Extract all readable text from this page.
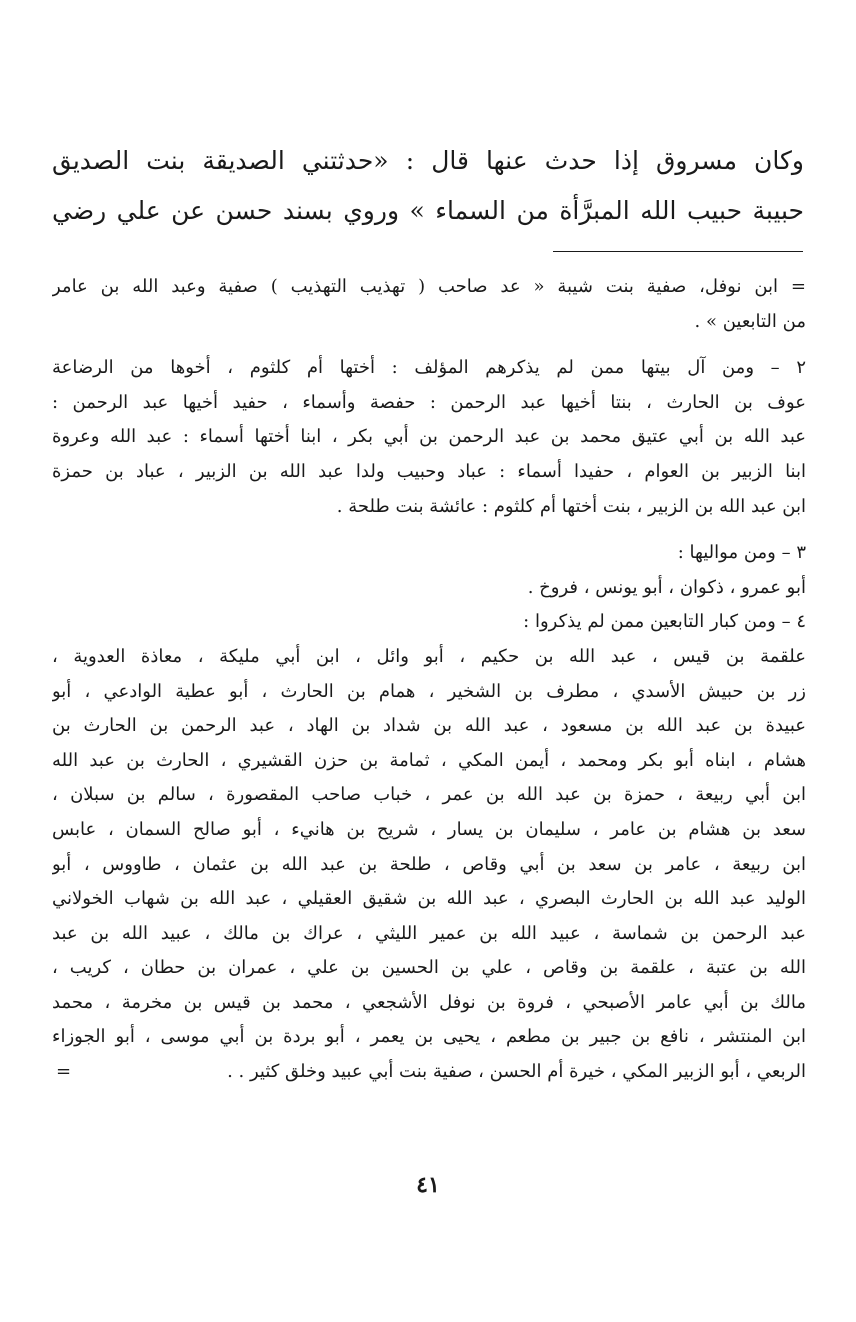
وكان مسروق إذا حدث عنها قال : «حدثتني الصديقة بنت الصديق
حبيبة حبيب الله المبرَّأة من السماء » وروي بسند حسن عن علي رضي
= ابن نوفل، صفية بنت شيبة « عد صاحب ( تهذيب التهذيب ) صفية وعبد الله بن عامر
من التابعين » .
٢ – ومن آل بيتها ممن لم يذكرهم المؤلف : أختها أم كلثوم ، أخوها من الرضاعة
عوف بن الحارث ، بنتا أخيها عبد الرحمن : حفصة وأسماء ، حفيد أخيها عبد الرحمن :
عبد الله بن أبي عتيق محمد بن عبد الرحمن بن أبي بكر ، ابنا أختها أسماء : عبد الله وعروة
ابنا الزبير بن العوام ، حفيدا أسماء : عباد وحبيب ولدا عبد الله بن الزبير ، عباد بن حمزة
ابن عبد الله بن الزبير ، بنت أختها أم كلثوم : عائشة بنت طلحة .
٣ – ومن مواليها :
أبو عمرو ، ذكوان ، أبو يونس ، فروخ .
٤ – ومن كبار التابعين ممن لم يذكروا :
علقمة بن قيس ، عبد الله بن حكيم ، أبو وائل ، ابن أبي مليكة ، معاذة العدوية ،
زر بن حبيش الأسدي ، مطرف بن الشخير ، همام بن الحارث ، أبو عطية الوادعي ، أبو
عبيدة بن عبد الله بن مسعود ، عبد الله بن شداد بن الهاد ، عبد الرحمن بن الحارث بن
هشام ، ابناه أبو بكر ومحمد ، أيمن المكي ، ثمامة بن حزن القشيري ، الحارث بن عبد الله
ابن أبي ربيعة ، حمزة بن عبد الله بن عمر ، خباب صاحب المقصورة ، سالم بن سبلان ،
سعد بن هشام بن عامر ، سليمان بن يسار ، شريح بن هانيء ، أبو صالح السمان ، عابس
ابن ربيعة ، عامر بن سعد بن أبي وقاص ، طلحة بن عبد الله بن عثمان ، طاووس ، أبو
الوليد عبد الله بن الحارث البصري ، عبد الله بن شقيق العقيلي ، عبد الله بن شهاب الخولاني
عبد الرحمن بن شماسة ، عبيد الله بن عمير الليثي ، عراك بن مالك ، عبيد الله بن عبد
الله بن عتبة ، علقمة بن وقاص ، علي بن الحسين بن علي ، عمران بن حطان ، كريب ،
مالك بن أبي عامر الأصبحي ، فروة بن نوفل الأشجعي ، محمد بن قيس بن مخرمة ، محمد
ابن المنتشر ، نافع بن جبير بن مطعم ، يحيى بن يعمر ، أبو بردة بن أبي موسى ، أبو الجوزاء
الربعي ، أبو الزبير المكي ، خيرة أم الحسن ، صفية بنت أبي عبيد وخلق كثير . .
=
٤١
